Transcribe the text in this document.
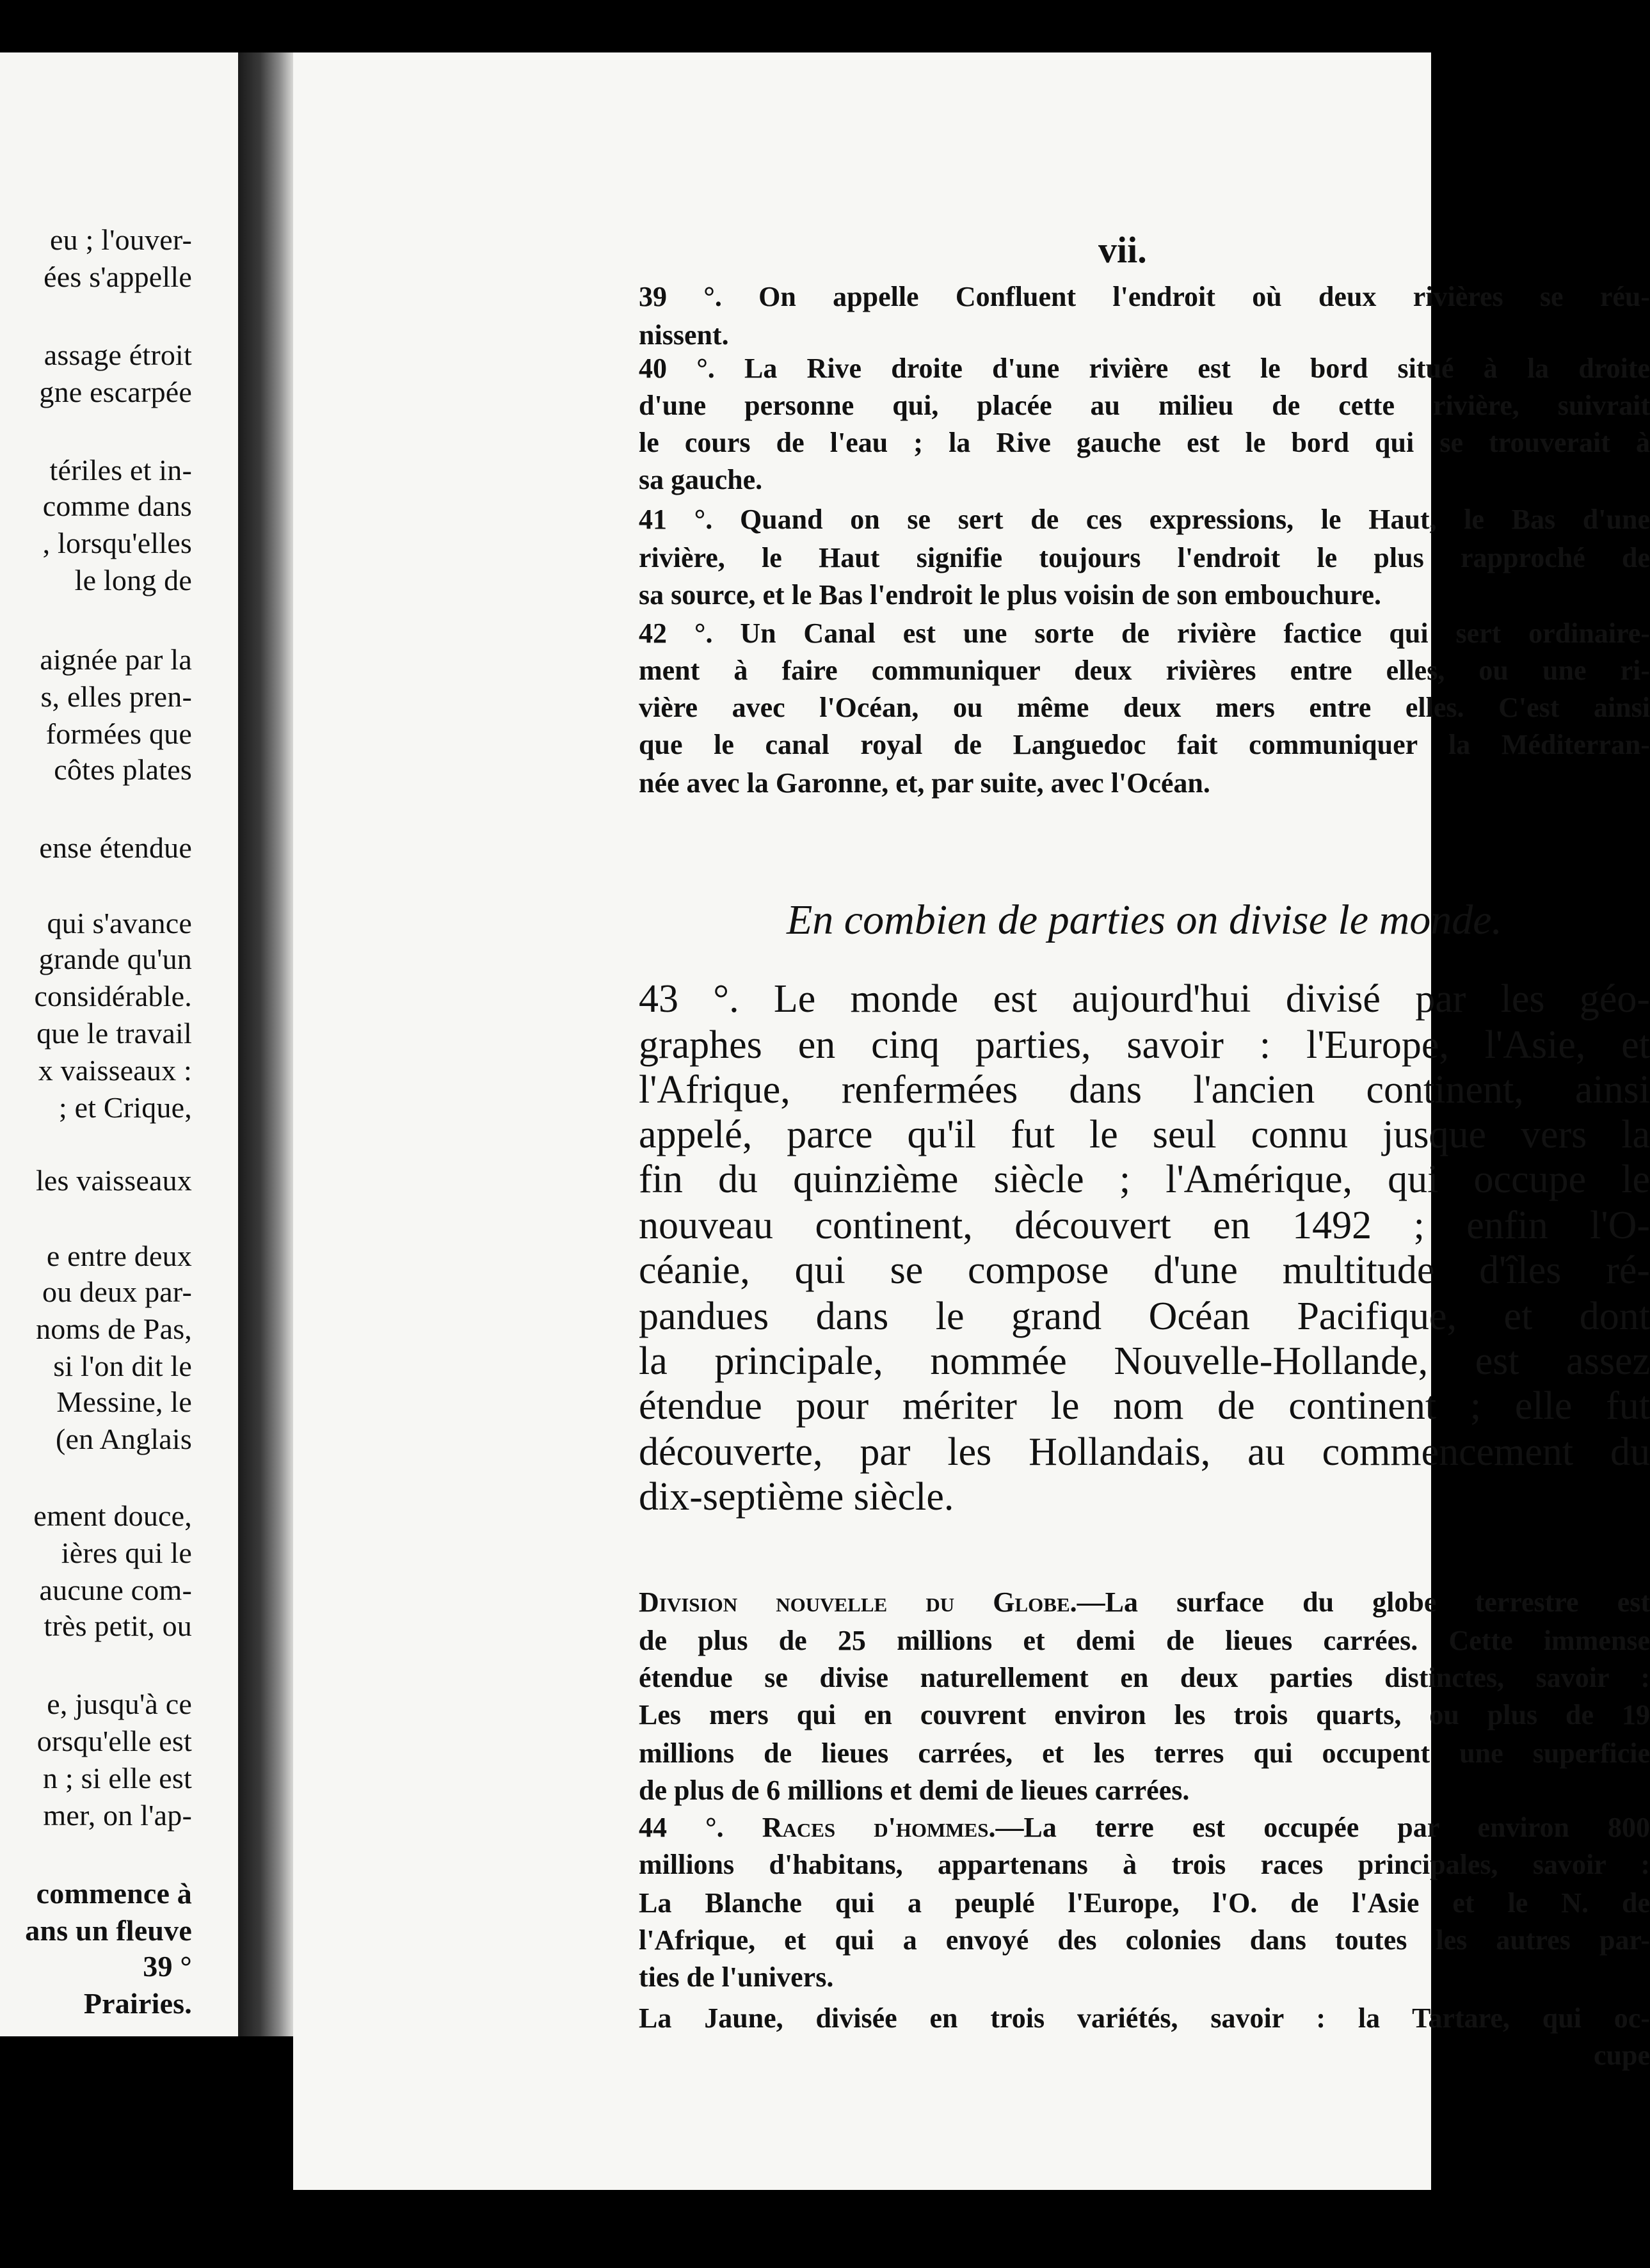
eu ; l'ouver-
ées s'appelle
assage étroit
gne escarpée
tériles et in-
comme dans
, lorsqu'elles
le long de
aignée par la
s, elles pren-
formées que
côtes plates
ense étendue
qui s'avance
grande qu'un
considérable.
que le travail
x vaisseaux :
; et Crique,
les vaisseaux
e entre deux
ou deux par-
noms de Pas,
si l'on dit le
Messine, le
(en Anglais
ement douce,
ières qui le
aucune com-
très petit, ou
e, jusqu'à ce
orsqu'elle est
n ; si elle est
mer, on l'ap-
commence à
ans un fleuve
39 °
Prairies.
vii.
39 °. On appelle Confluent l'endroit où deux rivières se réu-
nissent.
40 °. La Rive droite d'une rivière est le bord situé à la droite
d'une personne qui, placée au milieu de cette rivière, suivrait
le cours de l'eau ; la Rive gauche est le bord qui se trouverait à
sa gauche.
41 °. Quand on se sert de ces expressions, le Haut, le Bas d'une
rivière, le Haut signifie toujours l'endroit le plus rapproché de
sa source, et le Bas l'endroit le plus voisin de son embouchure.
42 °. Un Canal est une sorte de rivière factice qui sert ordinaire-
ment à faire communiquer deux rivières entre elles, ou une ri-
vière avec l'Océan, ou même deux mers entre elles. C'est ainsi
que le canal royal de Languedoc fait communiquer la Méditerran-
née avec la Garonne, et, par suite, avec l'Océan.
En combien de parties on divise le monde.
43 °. Le monde est aujourd'hui divisé par les géo-
graphes en cinq parties, savoir : l'Europe, l'Asie, et
l'Afrique, renfermées dans l'ancien continent, ainsi
appelé, parce qu'il fut le seul connu jusque vers la
fin du quinzième siècle ; l'Amérique, qui occupe le
nouveau continent, découvert en 1492 ; enfin l'O-
céanie, qui se compose d'une multitude d'îles ré-
pandues dans le grand Océan Pacifique, et dont
la principale, nommée Nouvelle-Hollande, est assez
étendue pour mériter le nom de continent ; elle fut
découverte, par les Hollandais, au commencement du
dix-septième siècle.
Division nouvelle du Globe.—La surface du globe terrestre est
de plus de 25 millions et demi de lieues carrées. Cette immense
étendue se divise naturellement en deux parties distinctes, savoir :
Les mers qui en couvrent environ les trois quarts, ou plus de 19
millions de lieues carrées, et les terres qui occupent une superficie
de plus de 6 millions et demi de lieues carrées.
44 °. Races d'hommes.—La terre est occupée par environ 800
millions d'habitans, appartenans à trois races principales, savoir :
La Blanche qui a peuplé l'Europe, l'O. de l'Asie et le N. de
l'Afrique, et qui a envoyé des colonies dans toutes les autres par-
ties de l'univers.
La Jaune, divisée en trois variétés, savoir : la Tartare, qui oc-
cupe
